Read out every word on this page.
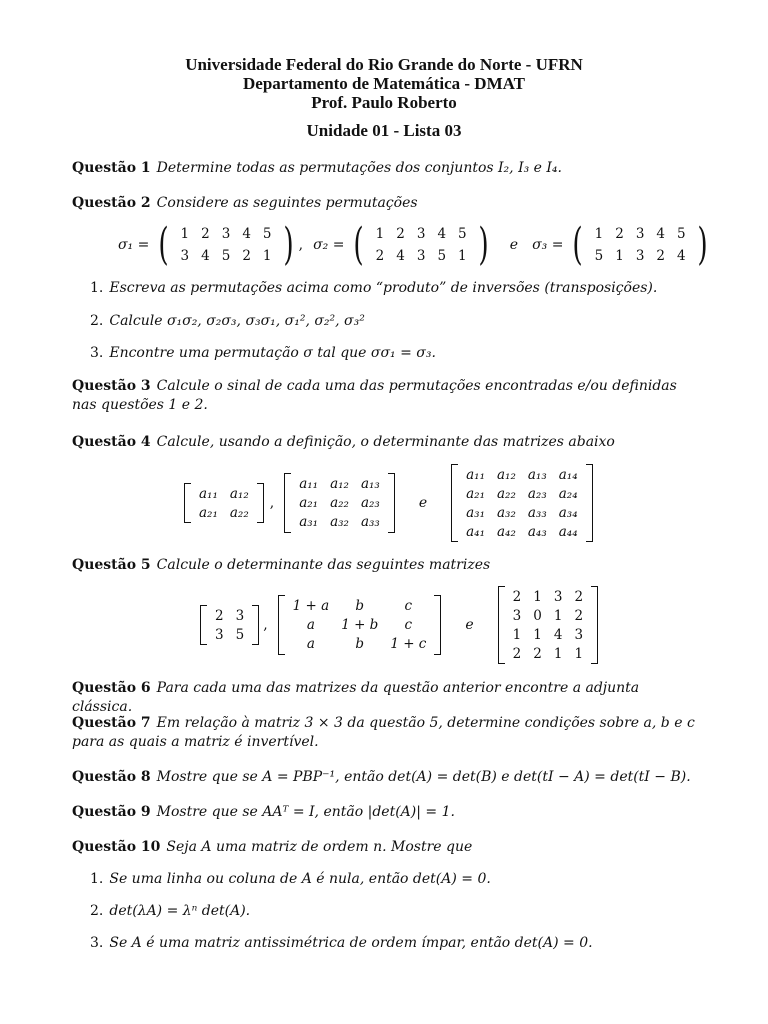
Universidade Federal do Rio Grande do Norte - UFRN
Departamento de Matemática - DMAT
Prof. Paulo Roberto
Unidade 01 - Lista 03
Questão 1 Determine todas as permutações dos conjuntos I₂, I₃ e I₄.
Questão 2 Considere as seguintes permutações
σ₁ = ( 1	2	3	4	5
3	4	5	2	1 ) , σ₂ = ( 1	2	3	4	5
2	4	3	5	1 ) e σ₃ = ( 1	2	3	4	5
5	1	3	2	4 )
1. Escreva as permutações acima como “produto” de inversões (transposições).
2. Calcule σ₁σ₂, σ₂σ₃, σ₃σ₁, σ₁², σ₂², σ₃²
3. Encontre uma permutação σ tal que σσ₁ = σ₃.
Questão 3 Calcule o sinal de cada uma das permutações encontradas e/ou definidas nas questões 1 e 2.
Questão 4 Calcule, usando a definição, o determinante das matrizes abaixo
a₁₁	a₁₂
a₂₁	a₂₂
,
a₁₁	a₁₂	a₁₃
a₂₁	a₂₂	a₂₃
a₃₁	a₃₂	a₃₃
e
a₁₁	a₁₂	a₁₃	a₁₄
a₂₁	a₂₂	a₂₃	a₂₄
a₃₁	a₃₂	a₃₃	a₃₄
a₄₁	a₄₂	a₄₃	a₄₄
Questão 5 Calcule o determinante das seguintes matrizes
2	3
3	5
,
1 + a	b	c
a	1 + b	c
a	b	1 + c
e
2	1	3	2
3	0	1	2
1	1	4	3
2	2	1	1
Questão 6 Para cada uma das matrizes da questão anterior encontre a adjunta clássica.
Questão 7 Em relação à matriz 3 × 3 da questão 5, determine condições sobre a, b e c para as quais a matriz é invertível.
Questão 8 Mostre que se A = PBP⁻¹, então det(A) = det(B) e det(tI − A) = det(tI − B).
Questão 9 Mostre que se AAᵀ = I, então |det(A)| = 1.
Questão 10 Seja A uma matriz de ordem n. Mostre que
1. Se uma linha ou coluna de A é nula, então det(A) = 0.
2. det(λA) = λⁿ det(A).
3. Se A é uma matriz antissimétrica de ordem ímpar, então det(A) = 0.
